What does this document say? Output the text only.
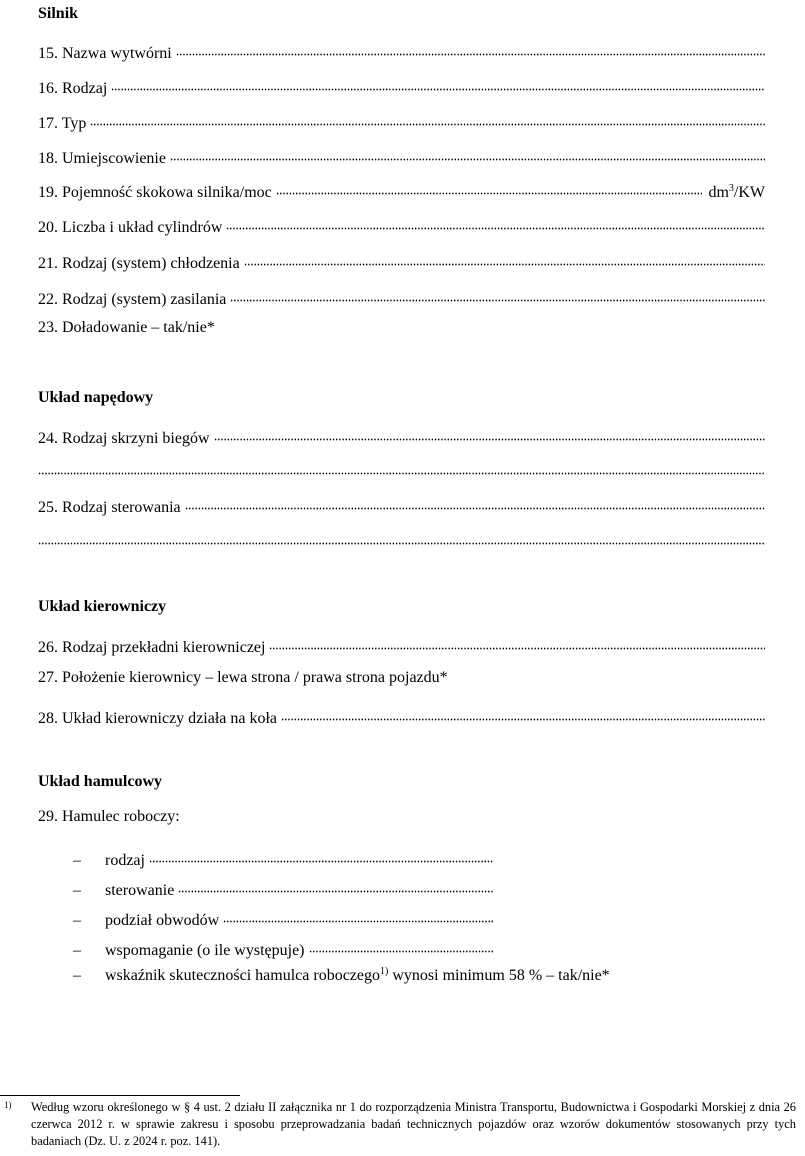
Silnik
15. Nazwa wytwórni
16. Rodzaj
17. Typ
18. Umiejscowienie
19. Pojemność skokowa silnika/moc	$dm^3/KW$
20. Liczba i układ cylindrów
21. Rodzaj (system) chłodzenia
22. Rodzaj (system) zasilania
23. Doładowanie – tak/nie*
Układ napędowy
24. Rodzaj skrzyni biegów
25. Rodzaj sterowania
Układ kierowniczy
26. Rodzaj przekładni kierowniczej
27. Położenie kierownicy – lewa strona / prawa strona pojazdu*
28. Układ kierowniczy działa na koła
Układ hamulcowy
29. Hamulec roboczy:
–	rodzaj
–	sterowanie
–	podział obwodów
–	wspomaganie (o ile występuje)
–	wskaźnik skuteczności hamulca roboczego$^{1)}$ wynosi minimum 58 % – tak/nie*
1) Według wzoru określonego w § 4 ust. 2 działu II załącznika nr 1 do rozporządzenia Ministra Transportu, Budownictwa i Gospodarki Morskiej z dnia 26 czerwca 2012 r. w sprawie zakresu i sposobu przeprowadzania badań technicznych pojazdów oraz wzorów dokumentów stosowanych przy tych badaniach (Dz. U. z 2024 r. poz. 141).
